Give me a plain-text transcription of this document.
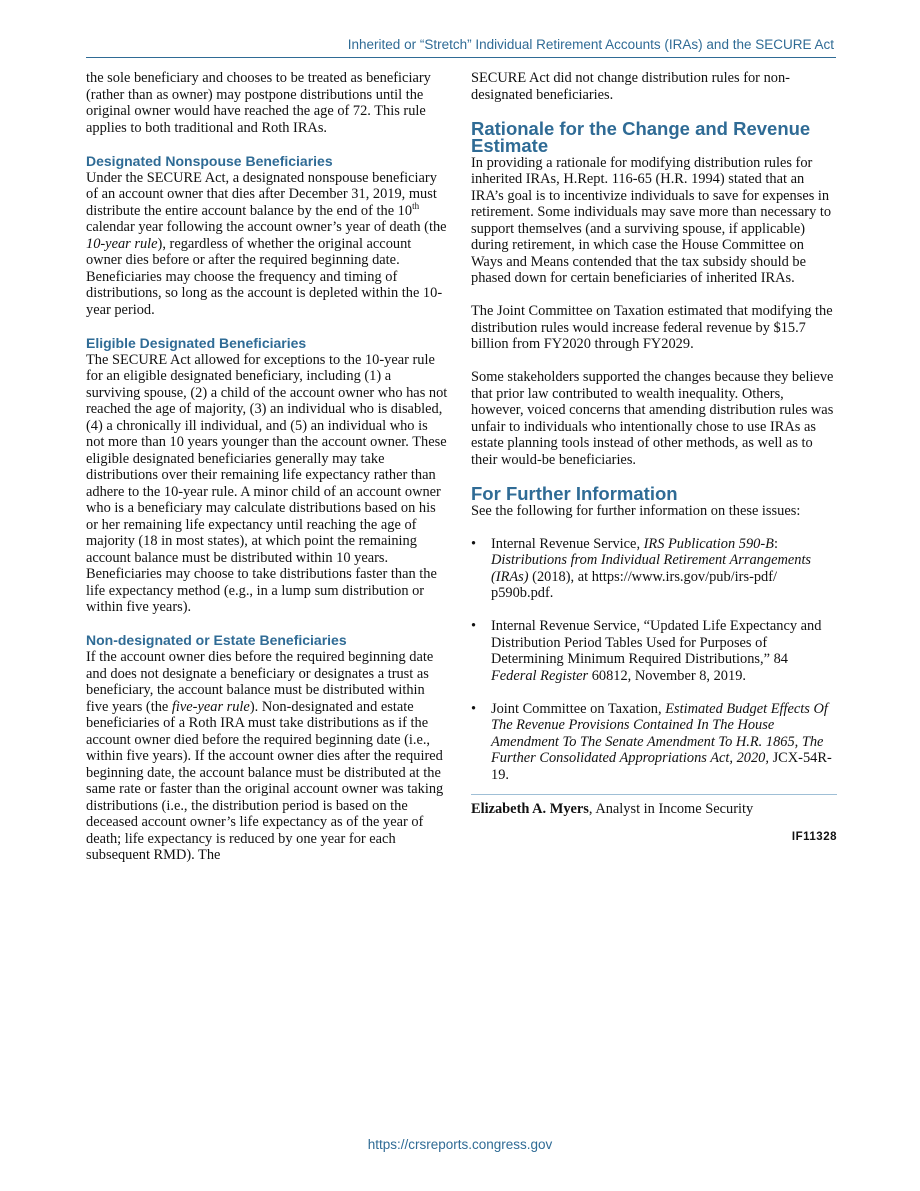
Inherited or “Stretch” Individual Retirement Accounts (IRAs) and the SECURE Act

the sole beneficiary and chooses to be treated as beneficiary (rather than as owner) may postpone distributions until the original owner would have reached the age of 72. This rule applies to both traditional and Roth IRAs.

Designated Nonspouse Beneficiaries

Under the SECURE Act, a designated nonspouse beneficiary of an account owner that dies after December 31, 2019, must distribute the entire account balance by the end of the 10th calendar year following the account owner’s year of death (the 10-year rule), regardless of whether the original account owner dies before or after the required beginning date. Beneficiaries may choose the frequency and timing of distributions, so long as the account is depleted within the 10-year period.

Eligible Designated Beneficiaries

The SECURE Act allowed for exceptions to the 10-year rule for an eligible designated beneficiary, including (1) a surviving spouse, (2) a child of the account owner who has not reached the age of majority, (3) an individual who is disabled, (4) a chronically ill individual, and (5) an individual who is not more than 10 years younger than the account owner. These eligible designated beneficiaries generally may take distributions over their remaining life expectancy rather than adhere to the 10-year rule. A minor child of an account owner who is a beneficiary may calculate distributions based on his or her remaining life expectancy until reaching the age of majority (18 in most states), at which point the remaining account balance must be distributed within 10 years. Beneficiaries may choose to take distributions faster than the life expectancy method (e.g., in a lump sum distribution or within five years).

Non-designated or Estate Beneficiaries

If the account owner dies before the required beginning date and does not designate a beneficiary or designates a trust as beneficiary, the account balance must be distributed within five years (the five-year rule). Non-designated and estate beneficiaries of a Roth IRA must take distributions as if the account owner died before the required beginning date (i.e., within five years). If the account owner dies after the required beginning date, the account balance must be distributed at the same rate or faster than the original account owner was taking distributions (i.e., the distribution period is based on the deceased account owner’s life expectancy as of the year of death; life expectancy is reduced by one year for each subsequent RMD). The

SECURE Act did not change distribution rules for non-designated beneficiaries.

Rationale for the Change and Revenue Estimate

In providing a rationale for modifying distribution rules for inherited IRAs, H.Rept. 116-65 (H.R. 1994) stated that an IRA’s goal is to incentivize individuals to save for expenses in retirement. Some individuals may save more than necessary to support themselves (and a surviving spouse, if applicable) during retirement, in which case the House Committee on Ways and Means contended that the tax subsidy should be phased down for certain beneficiaries of inherited IRAs.

The Joint Committee on Taxation estimated that modifying the distribution rules would increase federal revenue by $15.7 billion from FY2020 through FY2029.

Some stakeholders supported the changes because they believe that prior law contributed to wealth inequality. Others, however, voiced concerns that amending distribution rules was unfair to individuals who intentionally chose to use IRAs as estate planning tools instead of other methods, as well as to their would-be beneficiaries.

For Further Information

See the following for further information on these issues:

• Internal Revenue Service, IRS Publication 590-B: Distributions from Individual Retirement Arrangements (IRAs) (2018), at https://www.irs.gov/pub/irs-pdf/ p590b.pdf.
• Internal Revenue Service, “Updated Life Expectancy and Distribution Period Tables Used for Purposes of Determining Minimum Required Distributions,” 84 Federal Register 60812, November 8, 2019.
• Joint Committee on Taxation, Estimated Budget Effects Of The Revenue Provisions Contained In The House Amendment To The Senate Amendment To H.R. 1865, The Further Consolidated Appropriations Act, 2020, JCX-54R-19.

Elizabeth A. Myers, Analyst in Income Security

IF11328
https://crsreports.congress.gov
